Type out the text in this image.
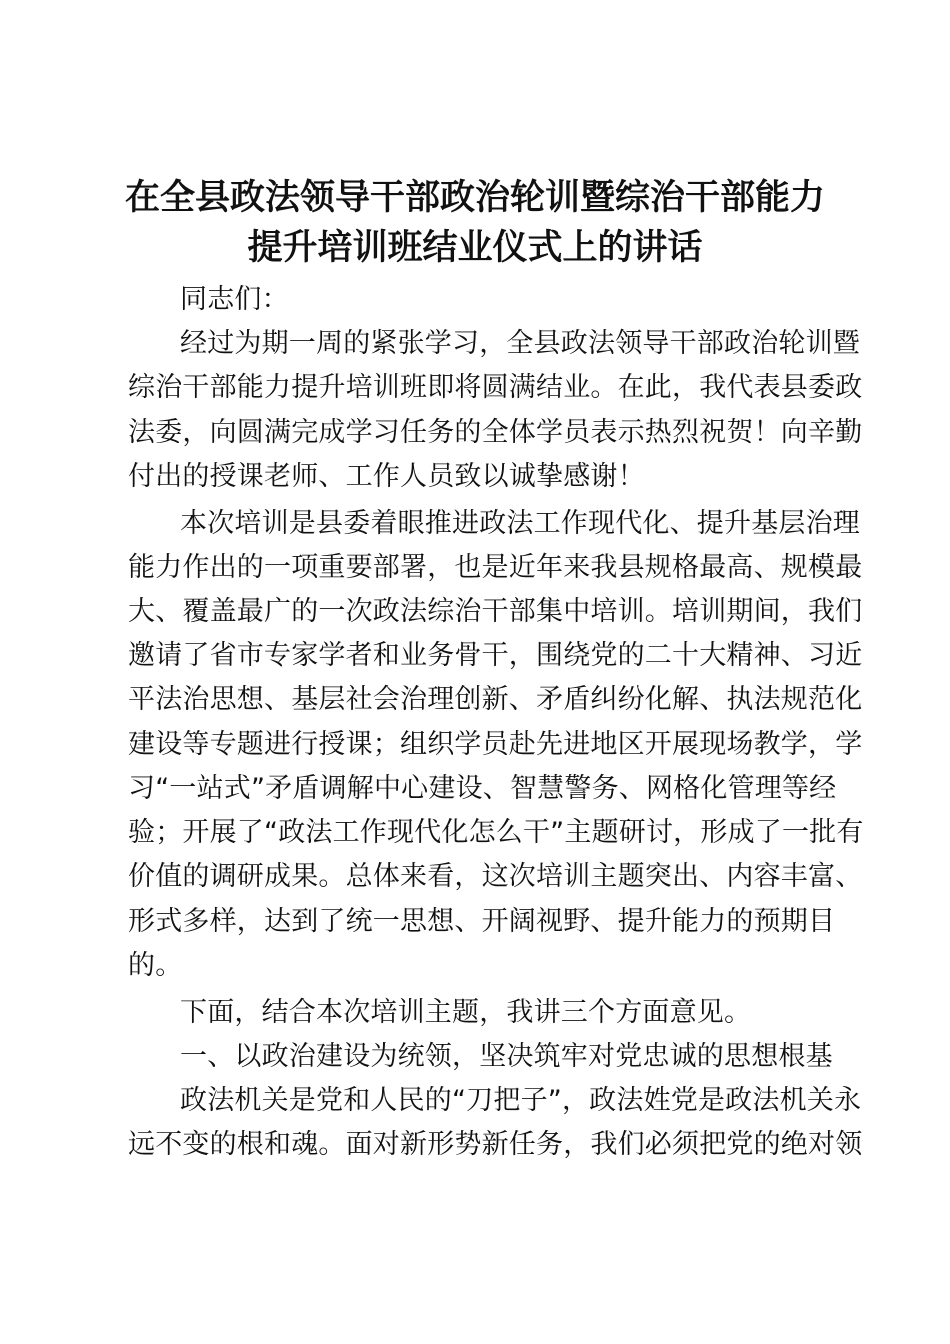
在全县政法领导干部政治轮训暨综治干部能力
提升培训班结业仪式上的讲话
同志们：
经过为期一周的紧张学习，全县政法领导干部政治轮训暨
综治干部能力提升培训班即将圆满结业。在此，我代表县委政
法委，向圆满完成学习任务的全体学员表示热烈祝贺！向辛勤
付出的授课老师、工作人员致以诚挚感谢！
本次培训是县委着眼推进政法工作现代化、提升基层治理
能力作出的一项重要部署，也是近年来我县规格最高、规模最
大、覆盖最广的一次政法综治干部集中培训。培训期间，我们
邀请了省市专家学者和业务骨干，围绕党的二十大精神、习近
平法治思想、基层社会治理创新、矛盾纠纷化解、执法规范化
建设等专题进行授课；组织学员赴先进地区开展现场教学，学
习“一站式”矛盾调解中心建设、智慧警务、网格化管理等经
验；开展了“政法工作现代化怎么干”主题研讨，形成了一批有
价值的调研成果。总体来看，这次培训主题突出、内容丰富、
形式多样，达到了统一思想、开阔视野、提升能力的预期目
的。
下面，结合本次培训主题，我讲三个方面意见。
一、以政治建设为统领，坚决筑牢对党忠诚的思想根基
政法机关是党和人民的“刀把子”，政法姓党是政法机关永
远不变的根和魂。面对新形势新任务，我们必须把党的绝对领
